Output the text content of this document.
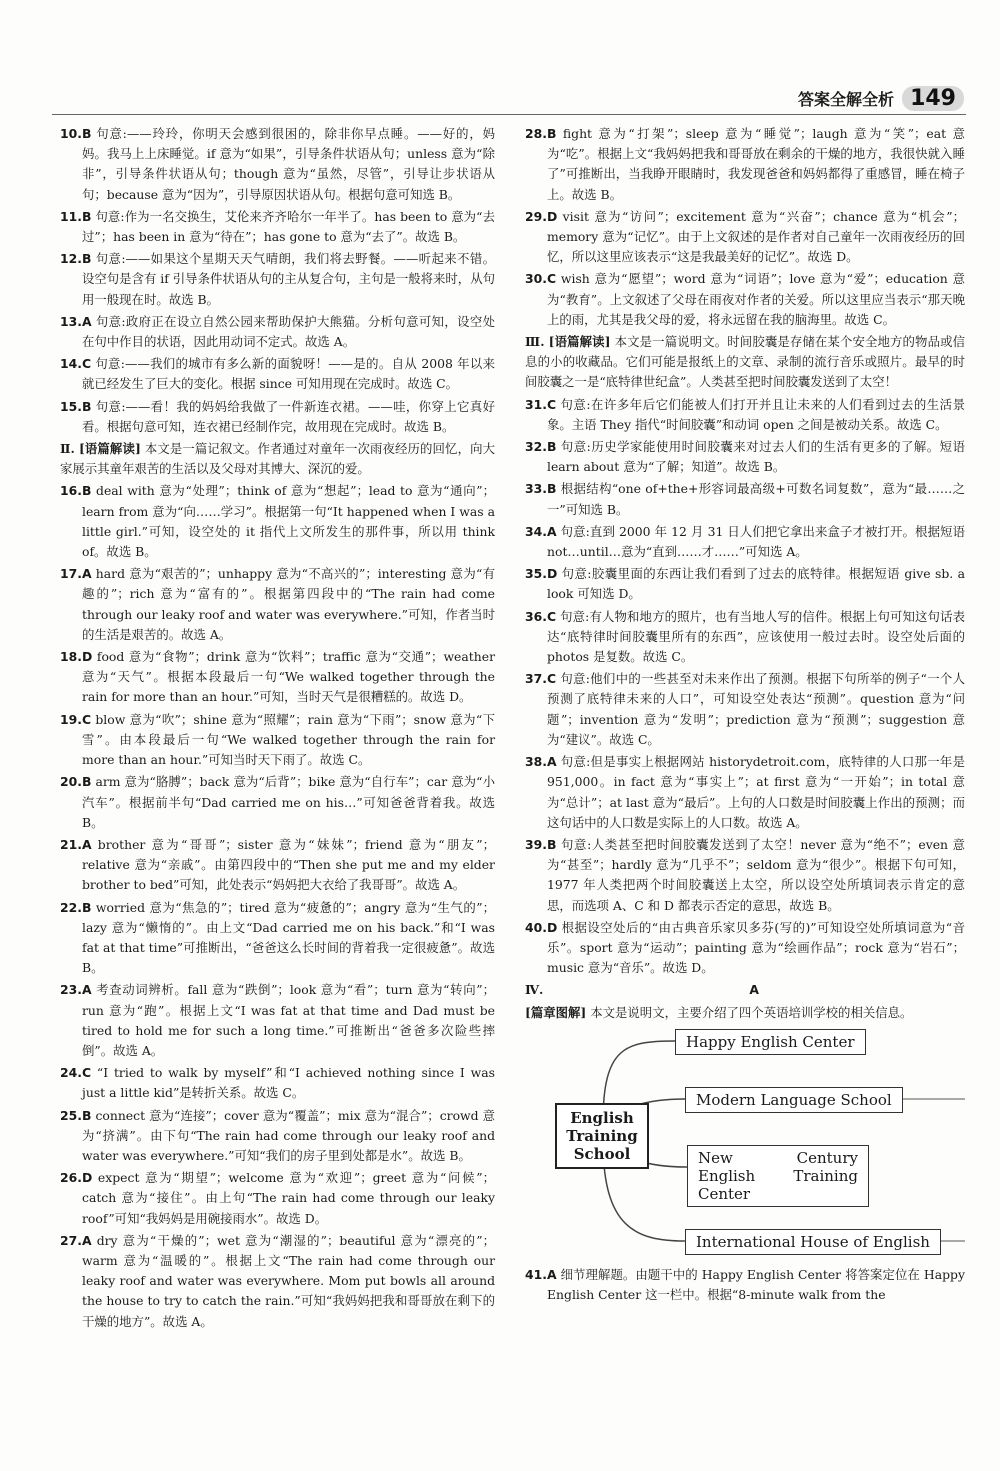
答案全解全析 149
10.B 句意:——玲玲，你明天会感到很困的，除非你早点睡。——好的，妈妈。我马上上床睡觉。if 意为“如果”，引导条件状语从句；unless 意为“除非”，引导条件状语从句；though 意为“虽然，尽管”，引导让步状语从句；because 意为“因为”，引导原因状语从句。根据句意可知选 B。
11.B 句意:作为一名交换生，艾伦来齐齐哈尔一年半了。has been to 意为“去过”；has been in 意为“待在”；has gone to 意为“去了”。故选 B。
12.B 句意:——如果这个星期天天气晴朗，我们将去野餐。——听起来不错。设空句是含有 if 引导条件状语从句的主从复合句，主句是一般将来时，从句用一般现在时。故选 B。
13.A 句意:政府正在设立自然公园来帮助保护大熊猫。分析句意可知，设空处在句中作目的状语，因此用动词不定式。故选 A。
14.C 句意:——我们的城市有多么新的面貌呀！——是的。自从 2008 年以来就已经发生了巨大的变化。根据 since 可知用现在完成时。故选 C。
15.B 句意:——看！我的妈妈给我做了一件新连衣裙。——哇，你穿上它真好看。根据句意可知，连衣裙已经制作完，故用现在完成时。故选 B。
Ⅱ. [语篇解读] 本文是一篇记叙文。作者通过对童年一次雨夜经历的回忆，向大家展示其童年艰苦的生活以及父母对其博大、深沉的爱。
16.B deal with 意为“处理”；think of 意为“想起”；lead to 意为“通向”；learn from 意为“向……学习”。根据第一句“It happened when I was a little girl.”可知，设空处的 it 指代上文所发生的那件事，所以用 think of。故选 B。
17.A hard 意为“艰苦的”；unhappy 意为“不高兴的”；interesting 意为“有趣的”；rich 意为“富有的”。根据第四段中的“The rain had come through our leaky roof and water was everywhere.”可知，作者当时的生活是艰苦的。故选 A。
18.D food 意为“食物”；drink 意为“饮料”；traffic 意为“交通”；weather 意为“天气”。根据本段最后一句“We walked together through the rain for more than an hour.”可知，当时天气是很糟糕的。故选 D。
19.C blow 意为“吹”；shine 意为“照耀”；rain 意为“下雨”；snow 意为“下雪”。由本段最后一句“We walked together through the rain for more than an hour.”可知当时天下雨了。故选 C。
20.B arm 意为“胳膊”；back 意为“后背”；bike 意为“自行车”；car 意为“小汽车”。根据前半句“Dad carried me on his…”可知爸爸背着我。故选 B。
21.A brother 意为“哥哥”；sister 意为“妹妹”；friend 意为“朋友”；relative 意为“亲戚”。由第四段中的“Then she put me and my elder brother to bed”可知，此处表示“妈妈把大衣给了我哥哥”。故选 A。
22.B worried 意为“焦急的”；tired 意为“疲惫的”；angry 意为“生气的”；lazy 意为“懒惰的”。由上文“Dad carried me on his back.”和“I was fat at that time”可推断出，“爸爸这么长时间的背着我一定很疲惫”。故选 B。
23.A 考查动词辨析。fall 意为“跌倒”；look 意为“看”；turn 意为“转向”；run 意为“跑”。根据上文“I was fat at that time and Dad must be tired to hold me for such a long time.”可推断出“爸爸多次险些摔倒”。故选 A。
24.C “I tried to walk by myself”和“I achieved nothing since I was just a little kid”是转折关系。故选 C。
25.B connect 意为“连接”；cover 意为“覆盖”；mix 意为“混合”；crowd 意为“挤满”。由下句“The rain had come through our leaky roof and water was everywhere.”可知“我们的房子里到处都是水”。故选 B。
26.D expect 意为“期望”；welcome 意为“欢迎”；greet 意为“问候”；catch 意为“接住”。由上句“The rain had come through our leaky roof”可知“我妈妈是用碗接雨水”。故选 D。
27.A dry 意为“干燥的”；wet 意为“潮湿的”；beautiful 意为“漂亮的”；warm 意为“温暖的”。根据上文“The rain had come through our leaky roof and water was everywhere. Mom put bowls all around the house to try to catch the rain.”可知“我妈妈把我和哥哥放在剩下的干燥的地方”。故选 A。
28.B fight 意为“打架”；sleep 意为“睡觉”；laugh 意为“笑”；eat 意为“吃”。根据上文“我妈妈把我和哥哥放在剩余的干燥的地方，我很快就入睡了”可推断出，当我睁开眼睛时，我发现爸爸和妈妈都得了重感冒，睡在椅子上。故选 B。
29.D visit 意为“访问”；excitement 意为“兴奋”；chance 意为“机会”；memory 意为“记忆”。由于上文叙述的是作者对自己童年一次雨夜经历的回忆，所以这里应该表示“这是我最美好的记忆”。故选 D。
30.C wish 意为“愿望”；word 意为“词语”；love 意为“爱”；education 意为“教育”。上文叙述了父母在雨夜对作者的关爱。所以这里应当表示“那天晚上的雨，尤其是我父母的爱，将永远留在我的脑海里。故选 C。
Ⅲ. [语篇解读] 本文是一篇说明文。时间胶囊是存储在某个安全地方的物品或信息的小的收藏品。它们可能是报纸上的文章、录制的流行音乐或照片。最早的时间胶囊之一是“底特律世纪盒”。人类甚至把时间胶囊发送到了太空！
31.C 句意:在许多年后它们能被人们打开并且让未来的人们看到过去的生活景象。主语 They 指代“时间胶囊”和动词 open 之间是被动关系。故选 C。
32.B 句意:历史学家能使用时间胶囊来对过去人们的生活有更多的了解。短语 learn about 意为“了解；知道”。故选 B。
33.B 根据结构“one of+the+形容词最高级+可数名词复数”，意为“最……之一”可知选 B。
34.A 句意:直到 2000 年 12 月 31 日人们把它拿出来盒子才被打开。根据短语 not…until…意为“直到……才……”可知选 A。
35.D 句意:胶囊里面的东西让我们看到了过去的底特律。根据短语 give sb. a look 可知选 D。
36.C 句意:有人物和地方的照片，也有当地人写的信件。根据上句可知这句话表达“底特律时间胶囊里所有的东西”，应该使用一般过去时。设空处后面的 photos 是复数。故选 C。
37.C 句意:他们中的一些甚至对未来作出了预测。根据下句所举的例子“一个人预测了底特律未来的人口”，可知设空处表达“预测”。question 意为“问题”；invention 意为“发明”；prediction 意为“预测”；suggestion 意为“建议”。故选 C。
38.A 句意:但是事实上根据网站 historydetroit.com，底特律的人口那一年是 951,000。in fact 意为“事实上”；at first 意为“一开始”；in total 意为“总计”；at last 意为“最后”。上句的人口数是时间胶囊上作出的预测；而这句话中的人口数是实际上的人口数。故选 A。
39.B 句意:人类甚至把时间胶囊发送到了太空！never 意为“绝不”；even 意为“甚至”；hardly 意为“几乎不”；seldom 意为“很少”。根据下句可知，1977 年人类把两个时间胶囊送上太空，所以设空处所填词表示肯定的意思，而选项 A、C 和 D 都表示否定的意思，故选 B。
40.D 根据设空处后的“由古典音乐家贝多芬(写的)”可知设空处所填词意为“音乐”。sport 意为“运动”；painting 意为“绘画作品”；rock 意为“岩石”；music 意为“音乐”。故选 D。
Ⅳ.	A
[篇章图解] 本文是说明文，主要介绍了四个英语培训学校的相关信息。
English Training School
Happy English Center
Modern Language School
New Century English Training Center
International House of English
41.A 细节理解题。由题干中的 Happy English Center 将答案定位在 Happy English Center 这一栏中。根据“8-minute walk from the
